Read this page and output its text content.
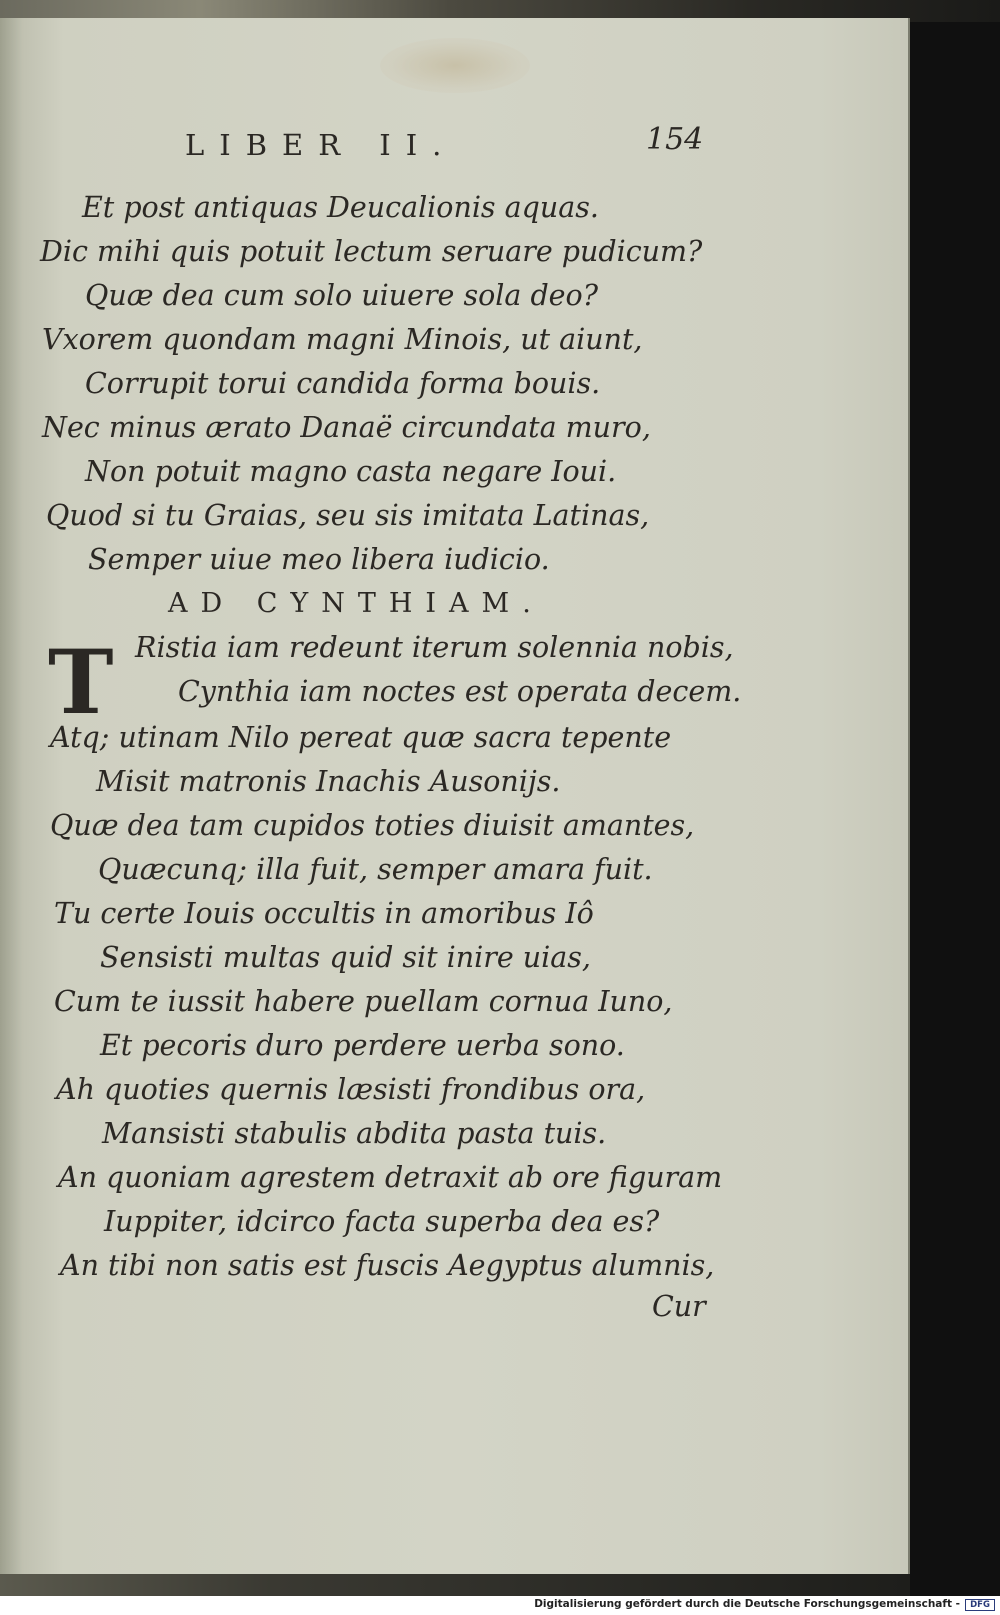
LIBER II.	154
Et post antiquas Deucalionis aquas.
Dic mihi quis potuit lectum seruare pudicum?
Quæ dea cum solo uiuere sola deo?
Vxorem quondam magni Minois, ut aiunt,
Corrupit torui candida forma bouis.
Nec minus ærato Danaë circundata muro,
Non potuit magno casta negare Ioui.
Quod si tu Graias, seu sis imitata Latinas,
Semper uiue meo libera iudicio.
AD CYNTHIAM.
T Ristia iam redeunt iterum solennia nobis,
Cynthia iam noctes est operata decem.
Atq; utinam Nilo pereat quæ sacra tepente
Misit matronis Inachis Ausonijs.
Quæ dea tam cupidos toties diuisit amantes,
Quæcunq; illa fuit, semper amara fuit.
Tu certe Iouis occultis in amoribus Iô
Sensisti multas quid sit inire uias,
Cum te iussit habere puellam cornua Iuno,
Et pecoris duro perdere uerba sono.
Ah quoties quernis læsisti frondibus ora,
Mansisti stabulis abdita pasta tuis.
An quoniam agrestem detraxit ab ore figuram
Iuppiter, idcirco facta superba dea es?
An tibi non satis est fuscis Aegyptus alumnis,
Cur
Digitalisierung gefördert durch die Deutsche Forschungsgemeinschaft -	DFG
